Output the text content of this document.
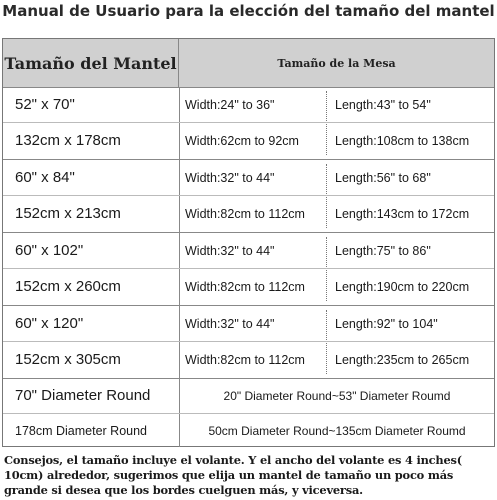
Manual de Usuario para la elección del tamaño del mantel
Tamaño del Mantel	Tamaño de la Mesa
52" x 70"	Width:24" to 36"	Length:43" to 54"
132cm x 178cm	Width:62cm to 92cm	Length:108cm to 138cm
60" x 84"	Width:32" to 44"	Length:56" to 68"
152cm x 213cm	Width:82cm to 112cm Length:143cm to 172cm
60" x 102"	Width:32" to 44"	Length:75" to 86"
152cm x 260cm	Width:82cm to 112cm Length:190cm to 220cm
60" x 120"	Width:32" to 44"	Length:92" to 104"
152cm x 305cm	Width:82cm to 112cm Length:235cm to 265cm
70" Diameter Round	20" Diameter Round~53" Diameter Roumd
178cm Diameter Round	50cm Diameter Round~135cm Diameter Roumd
Consejos, el tamaño incluye el volante. Y el ancho del volante es 4 inches( 10cm) alrededor, sugerimos que elija un mantel de tamaño un poco más grande si desea que los bordes cuelguen más, y viceversa.
